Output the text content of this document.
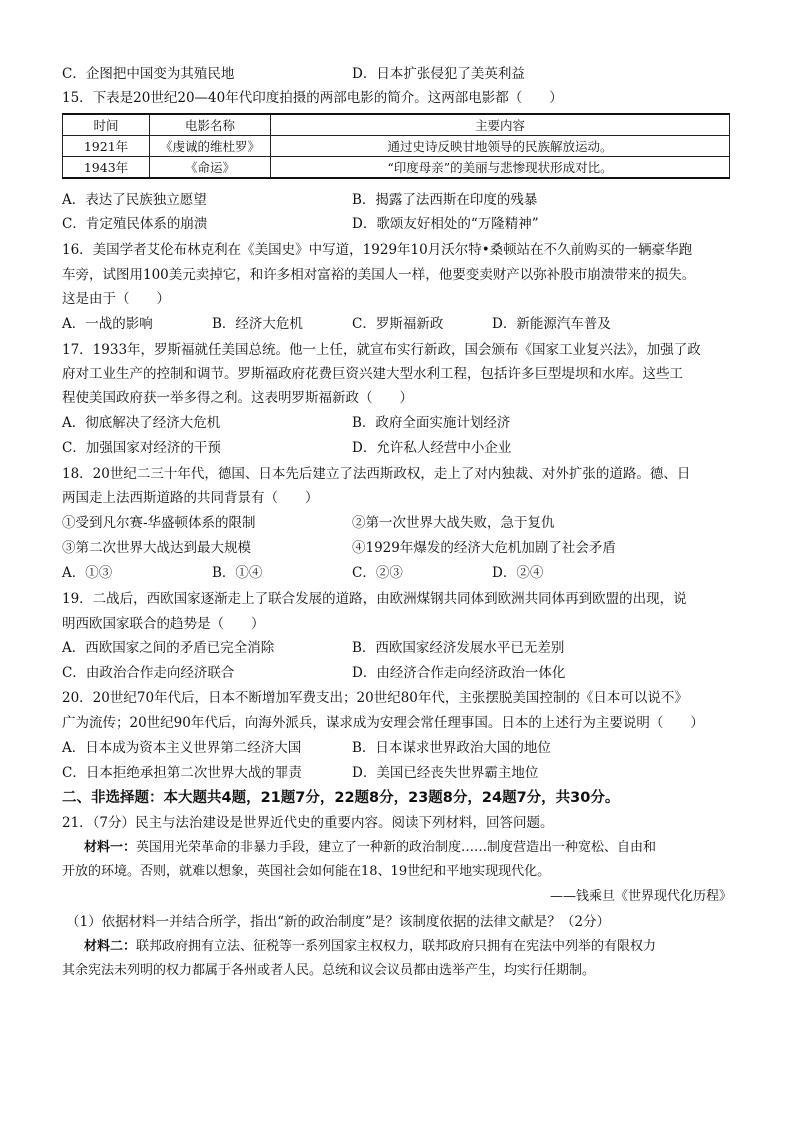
C．企图把中国变为其殖民地	D．日本扩张侵犯了美英利益
15．下表是20世纪20—40年代印度拍摄的两部电影的简介。这两部电影都（　　）
时间	电影名称	主要内容
1921年	《虔诚的维杜罗》	通过史诗反映甘地领导的民族解放运动。
1943年	《命运》	“印度母亲”的美丽与悲惨现状形成对比。
A．表达了民族独立愿望	B．揭露了法西斯在印度的残暴
C．肯定殖民体系的崩溃	D．歌颂友好相处的“万隆精神”
16．美国学者艾伦布林克利在《美国史》中写道，1929年10月沃尔特•桑顿站在不久前购买的一辆豪华跑
车旁，试图用100美元卖掉它，和许多相对富裕的美国人一样，他要变卖财产以弥补股市崩溃带来的损失。
这是由于（　　）
A．一战的影响	B．经济大危机	C．罗斯福新政	D．新能源汽车普及
17．1933年，罗斯福就任美国总统。他一上任，就宣布实行新政，国会颁布《国家工业复兴法》，加强了政
府对工业生产的控制和调节。罗斯福政府花费巨资兴建大型水利工程，包括许多巨型堤坝和水库。这些工
程使美国政府获一举多得之利。这表明罗斯福新政（　　）
A．彻底解决了经济大危机	B．政府全面实施计划经济
C．加强国家对经济的干预	D．允许私人经营中小企业
18．20世纪二三十年代，德国、日本先后建立了法西斯政权，走上了对内独裁、对外扩张的道路。德、日
两国走上法西斯道路的共同背景有（　　）
①受到凡尔赛-华盛顿体系的限制	②第一次世界大战失败，急于复仇
③第二次世界大战达到最大规模	④1929年爆发的经济大危机加剧了社会矛盾
A．①③	B．①④	C．②③	D．②④
19．二战后，西欧国家逐渐走上了联合发展的道路，由欧洲煤钢共同体到欧洲共同体再到欧盟的出现，说
明西欧国家联合的趋势是（　　）
A．西欧国家之间的矛盾已完全消除	B．西欧国家经济发展水平已无差别
C．由政治合作走向经济联合	D．由经济合作走向经济政治一体化
20．20世纪70年代后，日本不断增加军费支出；20世纪80年代，主张摆脱美国控制的《日本可以说不》
广为流传；20世纪90年代后，向海外派兵，谋求成为安理会常任理事国。日本的上述行为主要说明（　　）
A．日本成为资本主义世界第二经济大国	B．日本谋求世界政治大国的地位
C．日本拒绝承担第二次世界大战的罪责	D．美国已经丧失世界霸主地位
二、非选择题：本大题共4题，21题7分，22题8分，23题8分，24题7分，共30分。
21．（7分）民主与法治建设是世界近代史的重要内容。阅读下列材料，回答问题。
材料一：英国用光荣革命的非暴力手段，建立了一种新的政治制度……制度营造出一种宽松、自由和
开放的环境。否则，就难以想象，英国社会如何能在18、19世纪和平地实现现代化。
——钱乘旦《世界现代化历程》
（1）依据材料一并结合所学，指出“新的政治制度”是？该制度依据的法律文献是？（2分）
材料二：联邦政府拥有立法、征税等一系列国家主权权力，联邦政府只拥有在宪法中列举的有限权力
其余宪法未列明的权力都属于各州或者人民。总统和议会议员都由选举产生，均实行任期制。
